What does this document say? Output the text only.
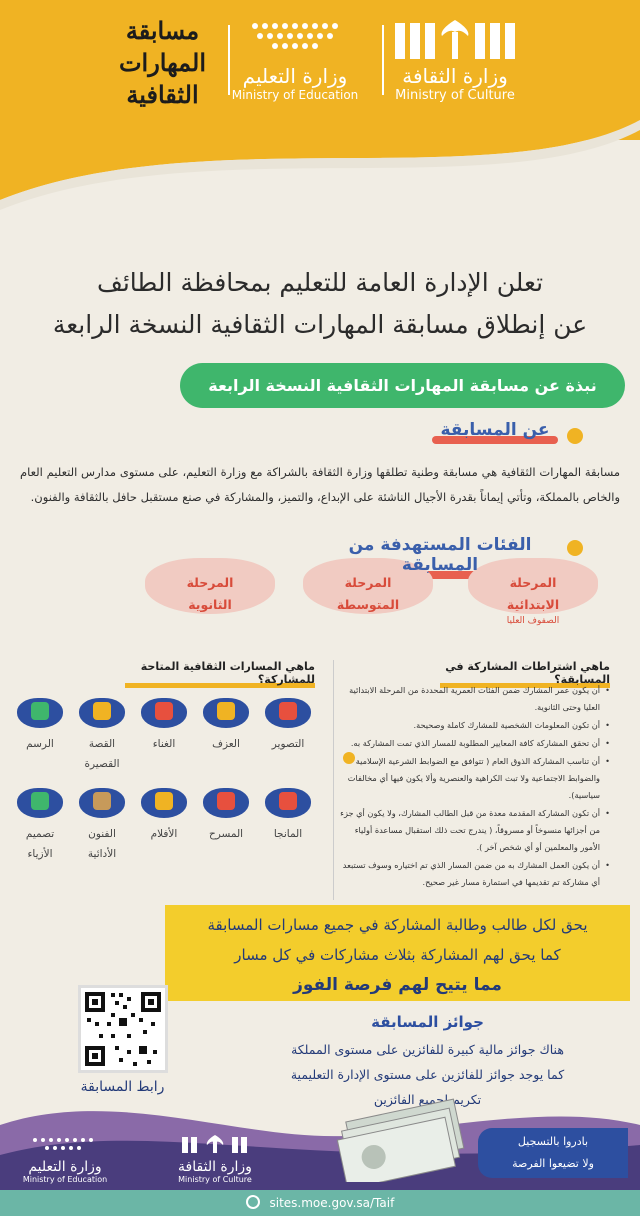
مسابقة
المهارات
الثقافية
وزارة التعليم
Ministry of Education
وزارة الثقافة
Ministry of Culture
تعلن الإدارة العامة للتعليم بمحافظة الطائف
عن إنطلاق مسابقة المهارات الثقافية النسخة الرابعة
نبذة عن مسابقة المهارات الثقافية النسخة الرابعة
عن المسابقة
مسابقة المهارات الثقافية هي مسابقة وطنية تطلقها وزارة الثقافة بالشراكة مع وزارة التعليم، على مستوى مدارس التعليم العام والخاص بالمملكة، وتأتي إيماناً بقدرة الأجيال الناشئة على الإبداع، والتميز، والمشاركة في صنع مستقبل حافل بالثقافة والفنون.
الفئات المستهدفة من المسابقة
المرحلة
الابتدائية
الصفوف العليا
المرحلة
المتوسطة
المرحلة
الثانوية
ماهي اشتراطات المشاركة في المسابقة؟
• أن يكون عمر المشارك ضمن الفئات العمرية المحددة من المرحلة الابتدائية العليا وحتى الثانوية.
• أن تكون المعلومات الشخصية للمشارك كاملة وصحيحة.
• أن تحقق المشاركة كافة المعايير المطلوبة للمسار الذي تمت المشاركة به.
• أن تناسب المشاركة الذوق العام ( تتوافق مع الضوابط الشرعية الإسلامية والضوابط الاجتماعية ولا تبث الكراهية والعنصرية وألا يكون فيها أي مخالفات سياسية).
• أن تكون المشاركة المقدمة معدة من قبل الطالب المشارك، ولا يكون أي جزء من أجزائها منسوخاً أو مسروقاً، ( يندرج تحت ذلك استقبال مساعدة أولياء الأمور والمعلمين أو أي شخص آخر ).
• أن يكون العمل المشارك به من ضمن المسار الذي تم اختياره وسوف تستبعد أي مشاركة تم تقديمها في استمارة مسار غير صحيح.
ماهي المسارات الثقافية المتاحة للمشاركة؟
التصوير
العزف
الغناء
القصة القصيرة
الرسم
المانجا
المسرح
الأفلام
الفنون الأدائية
تصميم الأزياء
يحق لكل طالب وطالبة المشاركة في جميع مسارات المسابقة
كما يحق لهم المشاركة بثلاث مشاركات في كل مسار
مما يتيح لهم فرصة الفوز
رابط المسابقة
جوائز المسابقة
هناك جوائز مالية كبيرة للفائزين على مستوى المملكة
كما يوجد جوائز للفائزين على مستوى الإدارة التعليمية
تكريم لجميع الفائزين
بادروا بالتسجيل
ولا تضيعوا الفرصة
وزارة التعليم
Ministry of Education
وزارة الثقافة
Ministry of Culture
sites.moe.gov.sa/Taif
